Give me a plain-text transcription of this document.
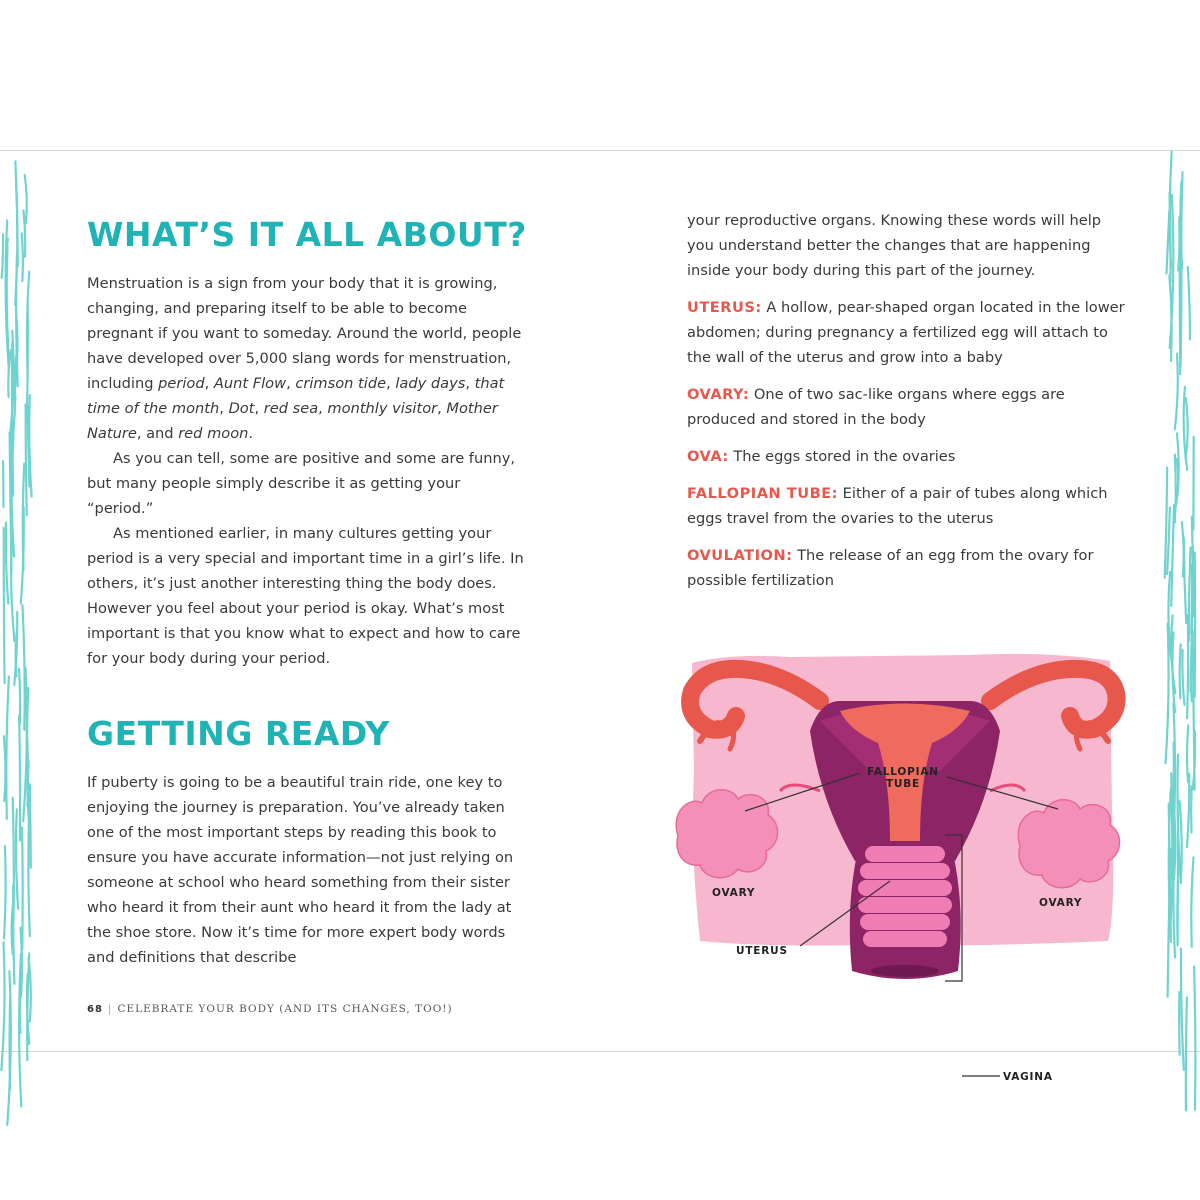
WHAT’S IT ALL ABOUT?

Menstruation is a sign from your body that it is growing, changing, and preparing itself to be able to become pregnant if you want to someday. Around the world, people have developed over 5,000 slang words for menstruation, including period, Aunt Flow, crimson tide, lady days, that time of the month, Dot, red sea, monthly visitor, Mother Nature, and red moon.

As you can tell, some are positive and some are funny, but many people simply describe it as getting your “period.”

As mentioned earlier, in many cultures getting your period is a very special and important time in a girl’s life. In others, it’s just another interesting thing the body does. However you feel about your period is okay. What’s most important is that you know what to expect and how to care for your body during your period.

GETTING READY

If puberty is going to be a beautiful train ride, one key to enjoying the journey is preparation. You’ve already taken one of the most important steps by reading this book to ensure you have accurate information—not just relying on someone at school who heard something from their sister who heard it from their aunt who heard it from the lady at the shoe store. Now it’s time for more expert body words and definitions that describe

your reproductive organs. Knowing these words will help you understand better the changes that are happening inside your body during this part of the journey.

UTERUS: A hollow, pear-shaped organ located in the lower abdomen; during pregnancy a fertilized egg will attach to the wall of the uterus and grow into a baby

OVARY: One of two sac-like organs where eggs are produced and stored in the body

OVA: The eggs stored in the ovaries

FALLOPIAN TUBE: Either of a pair of tubes along which eggs travel from the ovaries to the uterus

OVULATION: The release of an egg from the ovary for possible fertilization

FALLOPIAN
TUBE
OVARY
OVARY
UTERUS
VAGINA
68 | CELEBRATE YOUR BODY (AND ITS CHANGES, TOO!)
